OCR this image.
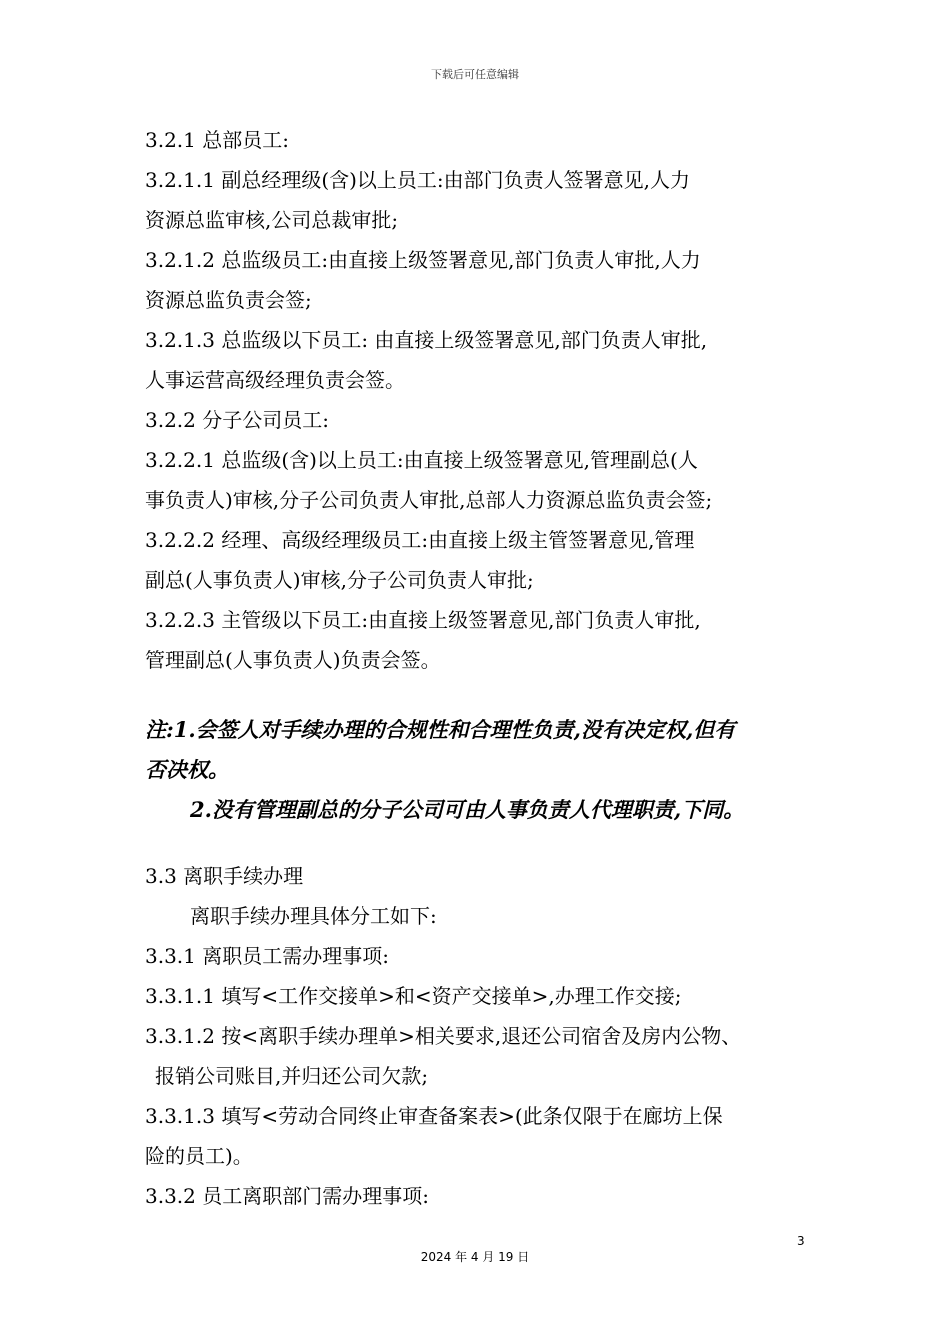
下载后可任意编辑
3.2.1 总部员工:
3.2.1.1 副总经理级(含)以上员工:由部门负责人签署意见,人力
资源总监审核,公司总裁审批;
3.2.1.2 总监级员工:由直接上级签署意见,部门负责人审批,人力
资源总监负责会签;
3.2.1.3 总监级以下员工: 由直接上级签署意见,部门负责人审批,
人事运营高级经理负责会签。
3.2.2 分子公司员工:
3.2.2.1 总监级(含)以上员工:由直接上级签署意见,管理副总(人
事负责人)审核,分子公司负责人审批,总部人力资源总监负责会签;
3.2.2.2 经理、高级经理级员工:由直接上级主管签署意见,管理
副总(人事负责人)审核,分子公司负责人审批;
3.2.2.3 主管级以下员工:由直接上级签署意见,部门负责人审批,
管理副总(人事负责人)负责会签。
注:1.会签人对手续办理的合规性和合理性负责,没有决定权,但有
否决权。
2.没有管理副总的分子公司可由人事负责人代理职责,下同。
3.3 离职手续办理
离职手续办理具体分工如下:
3.3.1 离职员工需办理事项:
3.3.1.1 填写<工作交接单>和<资产交接单>,办理工作交接;
3.3.1.2 按<离职手续办理单>相关要求,退还公司宿舍及房内公物、
报销公司账目,并归还公司欠款;
3.3.1.3 填写<劳动合同终止审查备案表>(此条仅限于在廊坊上保
险的员工)。
3.3.2 员工离职部门需办理事项:
3
2024 年 4 月 19 日
